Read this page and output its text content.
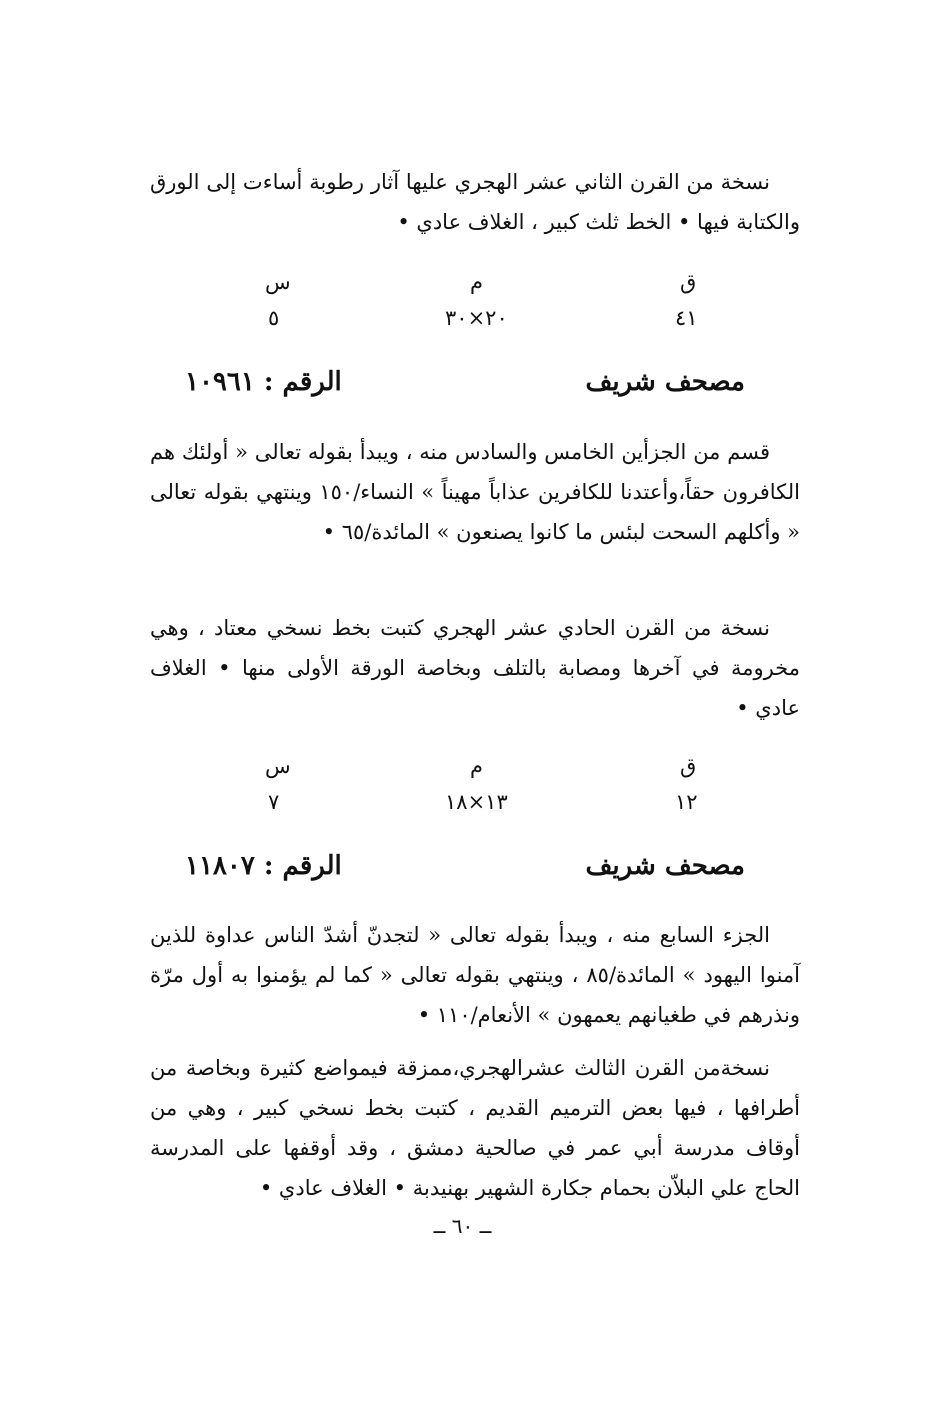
نسخة من القرن الثاني عشر الهجري عليها آثار رطوبة أساءت إلى الورق والكتابة فيها • الخط ثلث كبير ، الغلاف عادي •

ق
م
س
٤١
٢٠×٣٠
٥
الرقم : ١٠٩٦١	مصحف شريف

قسم من الجزأين الخامس والسادس منه ، ويبدأ بقوله تعالى « أولئك هم الكافرون حقاً،وأعتدنا للكافرين عذاباً مهيناً » النساء/١٥٠ وينتهي بقوله تعالى « وأكلهم السحت لبئس ما كانوا يصنعون » المائدة/٦٥ •

نسخة من القرن الحادي عشر الهجري كتبت بخط نسخي معتاد ، وهي مخرومة في آخرها ومصابة بالتلف وبخاصة الورقة الأولى منها • الغلاف عادي •

ق
م
س
١٢
١٣×١٨
٧
الرقم : ١١٨٠٧	مصحف شريف

الجزء السابع منه ، ويبدأ بقوله تعالى « لتجدنّ أشدّ الناس عداوة للذين آمنوا اليهود » المائدة/٨٥ ، وينتهي بقوله تعالى « كما لم يؤمنوا به أول مرّة ونذرهم في طغيانهم يعمهون » الأنعام/١١٠ •

نسخةمن القرن الثالث عشرالهجري،ممزقة فيمواضع كثيرة وبخاصة من أطرافها ، فيها بعض الترميم القديم ، كتبت بخط نسخي كبير ، وهي من أوقاف مدرسة أبي عمر في صالحية دمشق ، وقد أوقفها على المدرسة الحاج علي البلاّن بحمام جكارة الشهير بهنيدبة • الغلاف عادي •

ــ ٦٠ ــ
